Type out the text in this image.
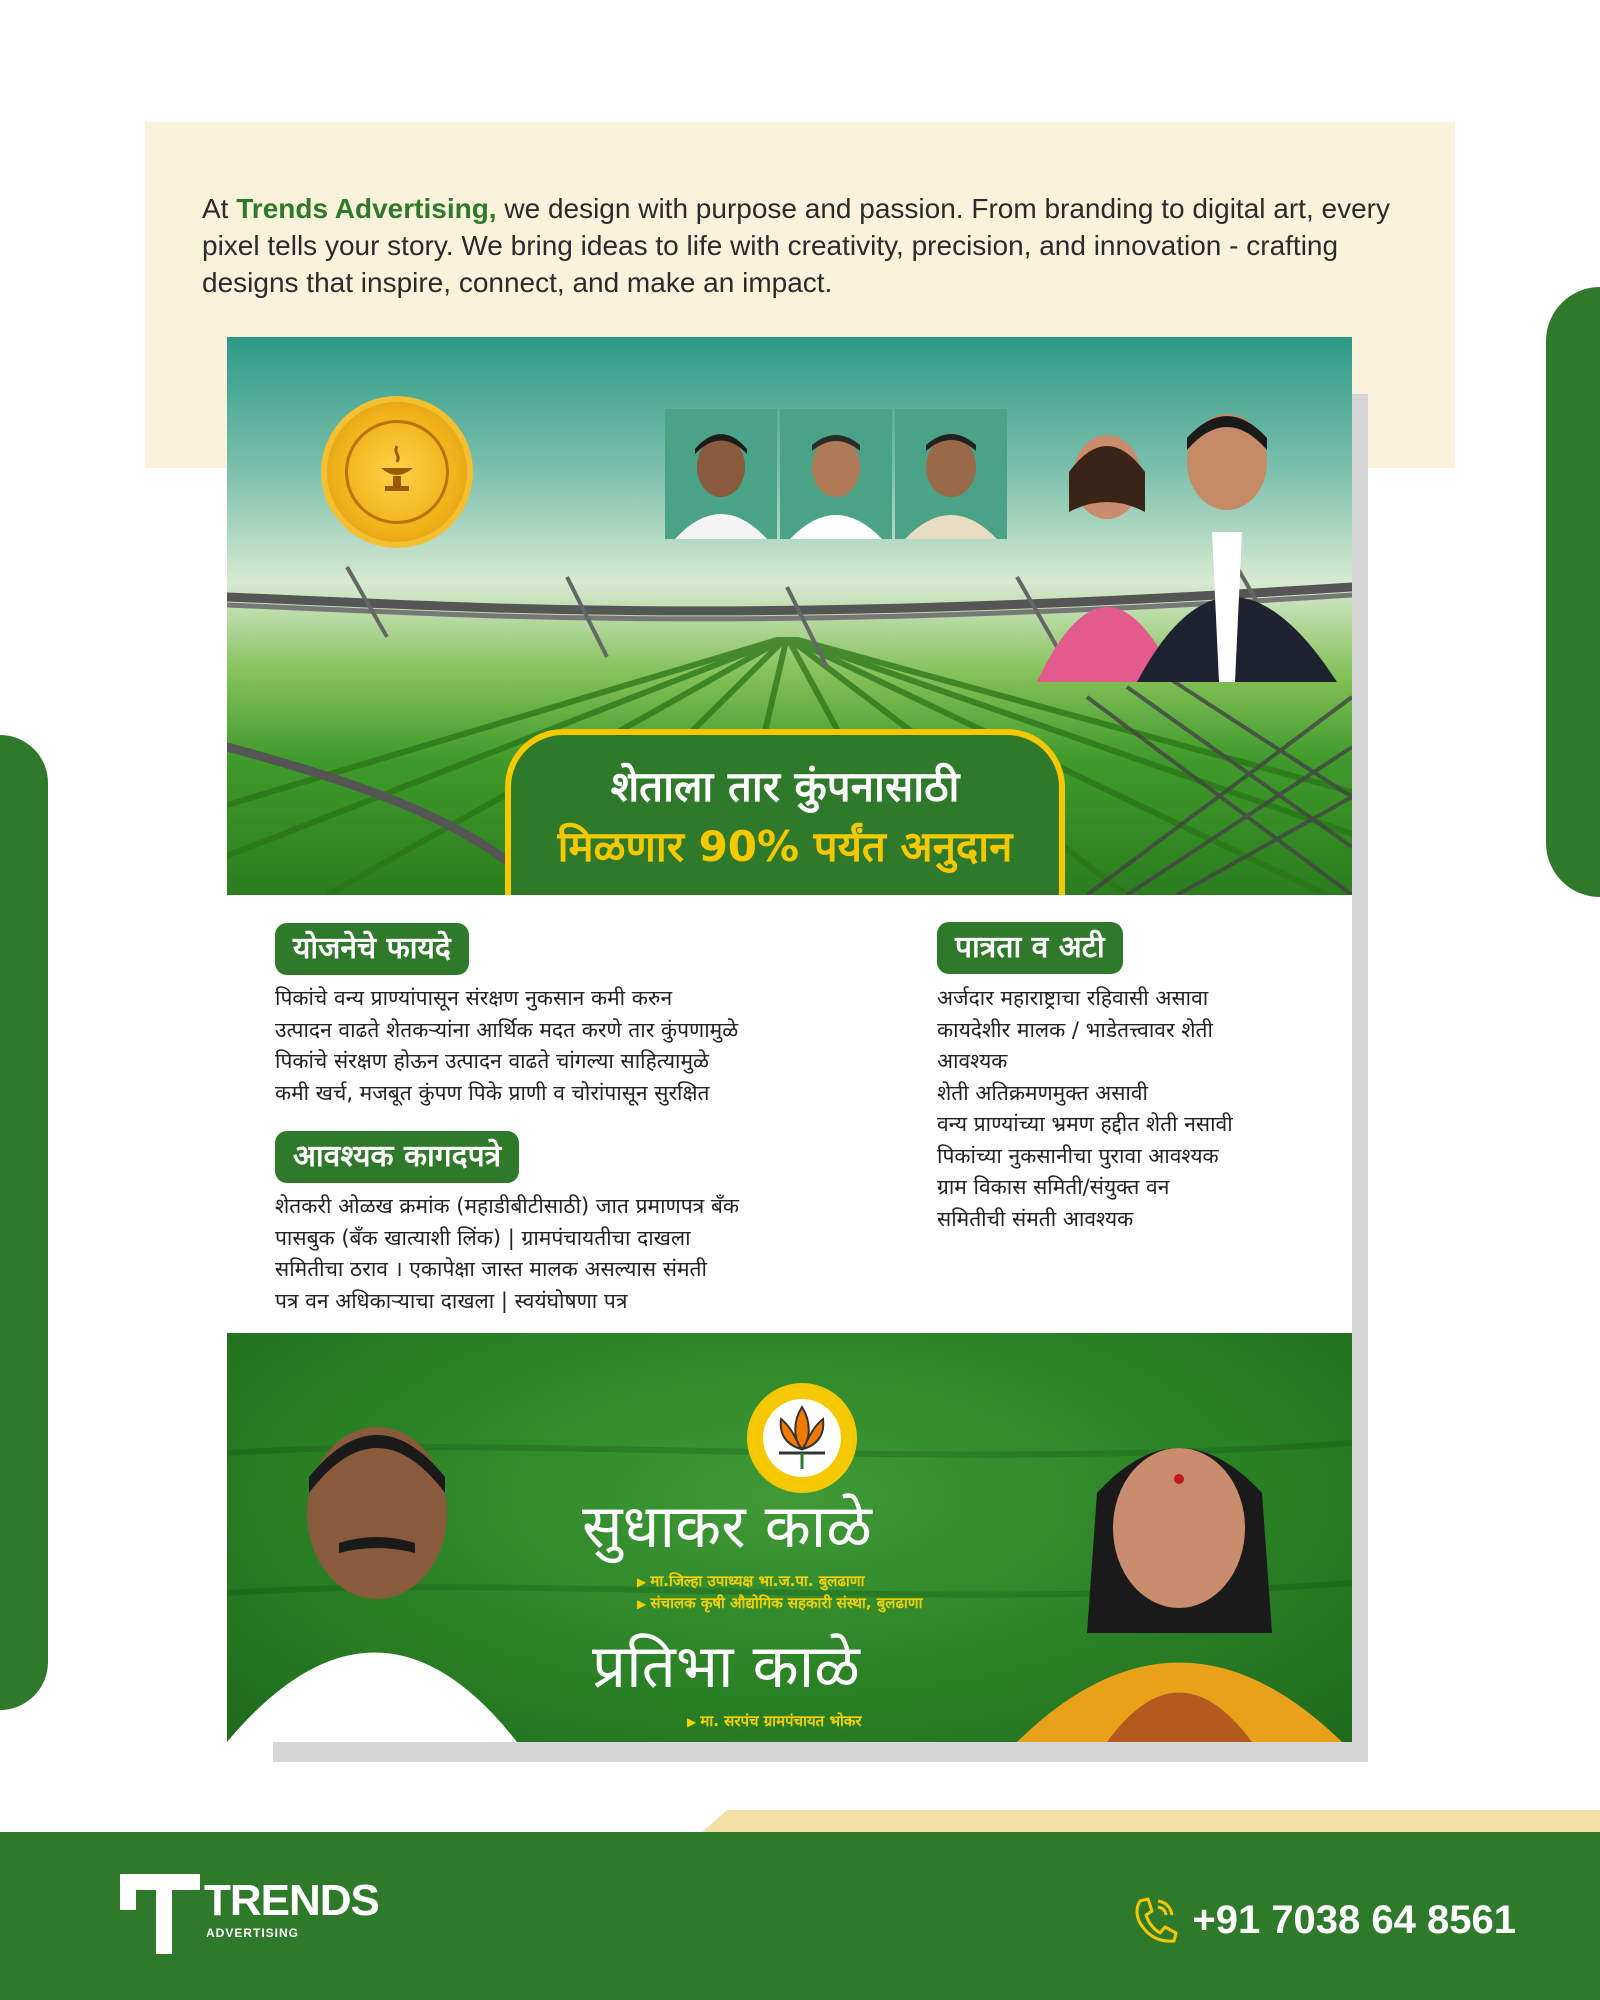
At Trends Advertising, we design with purpose and passion. From branding to digital art, every pixel tells your story. We bring ideas to life with creativity, precision, and innovation - crafting designs that inspire, connect, and make an impact.

शेताला तार कुंपनासाठी
मिळणार 90% पर्यंत अनुदान
योजनेचे फायदे
पिकांचे वन्य प्राण्यांपासून संरक्षण नुकसान कमी करुन
उत्पादन वाढते शेतकऱ्यांना आर्थिक मदत करणे तार कुंपणामुळे
पिकांचे संरक्षण होऊन उत्पादन वाढते चांगल्या साहित्यामुळे
कमी खर्च, मजबूत कुंपण पिके प्राणी व चोरांपासून सुरक्षित
आवश्यक कागदपत्रे
शेतकरी ओळख क्रमांक (महाडीबीटीसाठी) जात प्रमाणपत्र बँक
पासबुक (बँक खात्याशी लिंक) | ग्रामपंचायतीचा दाखला
समितीचा ठराव । एकापेक्षा जास्त मालक असल्यास संमती
पत्र वन अधिकाऱ्याचा दाखला | स्वयंघोषणा पत्र
पात्रता व अटी
अर्जदार महाराष्ट्राचा रहिवासी असावा
कायदेशीर मालक / भाडेतत्त्वावर शेती
आवश्यक
शेती अतिक्रमणमुक्त असावी
वन्य प्राण्यांच्या भ्रमण हद्दीत शेती नसावी
पिकांच्या नुकसानीचा पुरावा आवश्यक
ग्राम विकास समिती/संयुक्त वन
समितीची संमती आवश्यक
सुधाकर काळे
▶ मा.जिल्हा उपाध्यक्ष भा.ज.पा. बुलढाणा
▶ संचालक कृषी औद्योगिक सहकारी संस्था, बुलढाणा
प्रतिभा काळे
▶ मा. सरपंच ग्रामपंचायत भोकर
TRENDS
ADVERTISING	+91 7038 64 8561
